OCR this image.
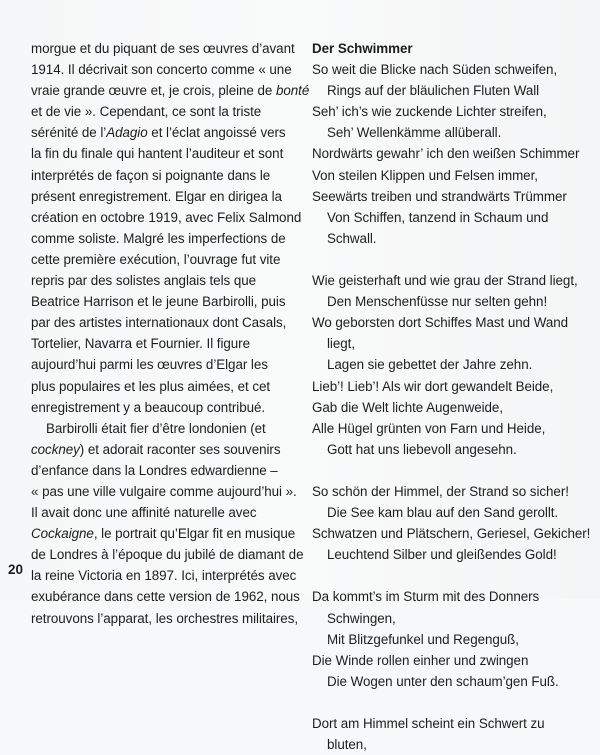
morgue et du piquant de ses œuvres d’avant
1914. Il décrivait son concerto comme « une
vraie grande œuvre et, je crois, pleine de bonté
et de vie ». Cependant, ce sont la triste
sérénité de l’Adagio et l’éclat angoissé vers
la fin du finale qui hantent l’auditeur et sont
interprétés de façon si poignante dans le
présent enregistrement. Elgar en dirigea la
création en octobre 1919, avec Felix Salmond
comme soliste. Malgré les imperfections de
cette première exécution, l’ouvrage fut vite
repris par des solistes anglais tels que
Beatrice Harrison et le jeune Barbirolli, puis
par des artistes internationaux dont Casals,
Tortelier, Navarra et Fournier. Il figure
aujourd’hui parmi les œuvres d’Elgar les
plus populaires et les plus aimées, et cet
enregistrement y a beaucoup contribué.
Barbirolli était fier d’être londonien (et
cockney) et adorait raconter ses souvenirs
d’enfance dans la Londres edwardienne –
« pas une ville vulgaire comme aujourd’hui ».
Il avait donc une affinité naturelle avec
Cockaigne, le portrait qu’Elgar fit en musique
de Londres à l’époque du jubilé de diamant de
la reine Victoria en 1897. Ici, interprétés avec
exubérance dans cette version de 1962, nous
retrouvons l’apparat, les orchestres militaires,
Der Schwimmer
So weit die Blicke nach Süden schweifen,
Rings auf der bläulichen Fluten Wall
Seh’ ich’s wie zuckende Lichter streifen,
Seh’ Wellenkämme allüberall.
Nordwärts gewahr’ ich den weißen Schimmer
Von steilen Klippen und Felsen immer,
Seewärts treiben und strandwärts Trümmer
Von Schiffen, tanzend in Schaum und
Schwall.
Wie geisterhaft und wie grau der Strand liegt,
Den Menschenfüsse nur selten gehn!
Wo geborsten dort Schiffes Mast und Wand
liegt,
Lagen sie gebettet der Jahre zehn.
Lieb’! Lieb’! Als wir dort gewandelt Beide,
Gab die Welt lichte Augenweide,
Alle Hügel grünten von Farn und Heide,
Gott hat uns liebevoll angesehn.
So schön der Himmel, der Strand so sicher!
Die See kam blau auf den Sand gerollt.
Schwatzen und Plätschern, Geriesel, Gekicher!
Leuchtend Silber und gleißendes Gold!
Da kommt’s im Sturm mit des Donners
Schwingen,
Mit Blitzgefunkel und Regenguß,
Die Winde rollen einher und zwingen
Die Wogen unter den schaum’gen Fuß.
Dort am Himmel scheint ein Schwert zu
bluten,
20
